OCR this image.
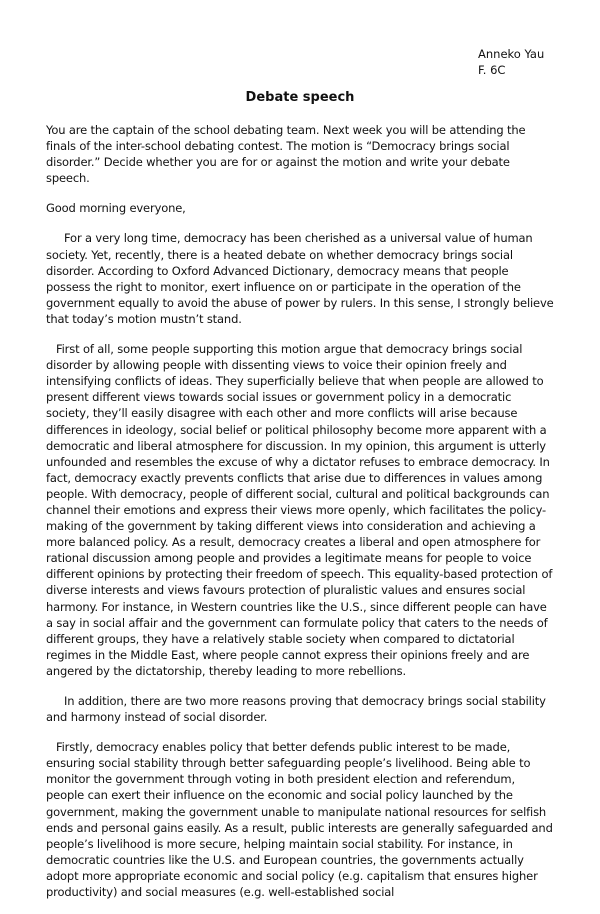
Anneko Yau
F. 6C
Debate speech

You are the captain of the school debating team. Next week you will be attending the finals of the inter-school debating contest. The motion is “Democracy brings social disorder.” Decide whether you are for or against the motion and write your debate speech.

Good morning everyone,

For a very long time, democracy has been cherished as a universal value of human society. Yet, recently, there is a heated debate on whether democracy brings social disorder. According to Oxford Advanced Dictionary, democracy means that people possess the right to monitor, exert influence on or participate in the operation of the government equally to avoid the abuse of power by rulers. In this sense, I strongly believe that today’s motion mustn’t stand.

First of all, some people supporting this motion argue that democracy brings social disorder by allowing people with dissenting views to voice their opinion freely and intensifying conflicts of ideas. They superficially believe that when people are allowed to present different views towards social issues or government policy in a democratic society, they’ll easily disagree with each other and more conflicts will arise because differences in ideology, social belief or political philosophy become more apparent with a democratic and liberal atmosphere for discussion. In my opinion, this argument is utterly unfounded and resembles the excuse of why a dictator refuses to embrace democracy. In fact, democracy exactly prevents conflicts that arise due to differences in values among people. With democracy, people of different social, cultural and political backgrounds can channel their emotions and express their views more openly, which facilitates the policy-making of the government by taking different views into consideration and achieving a more balanced policy. As a result, democracy creates a liberal and open atmosphere for rational discussion among people and provides a legitimate means for people to voice different opinions by protecting their freedom of speech. This equality-based protection of diverse interests and views favours protection of pluralistic values and ensures social harmony. For instance, in Western countries like the U.S., since different people can have a say in social affair and the government can formulate policy that caters to the needs of different groups, they have a relatively stable society when compared to dictatorial regimes in the Middle East, where people cannot express their opinions freely and are angered by the dictatorship, thereby leading to more rebellions.

In addition, there are two more reasons proving that democracy brings social stability and harmony instead of social disorder.

Firstly, democracy enables policy that better defends public interest to be made, ensuring social stability through better safeguarding people’s livelihood. Being able to monitor the government through voting in both president election and referendum, people can exert their influence on the economic and social policy launched by the government, making the government unable to manipulate national resources for selfish ends and personal gains easily. As a result, public interests are generally safeguarded and people’s livelihood is more secure, helping maintain social stability. For instance, in democratic countries like the U.S. and European countries, the governments actually adopt more appropriate economic and social policy (e.g. capitalism that ensures higher productivity) and social measures (e.g. well-established social
